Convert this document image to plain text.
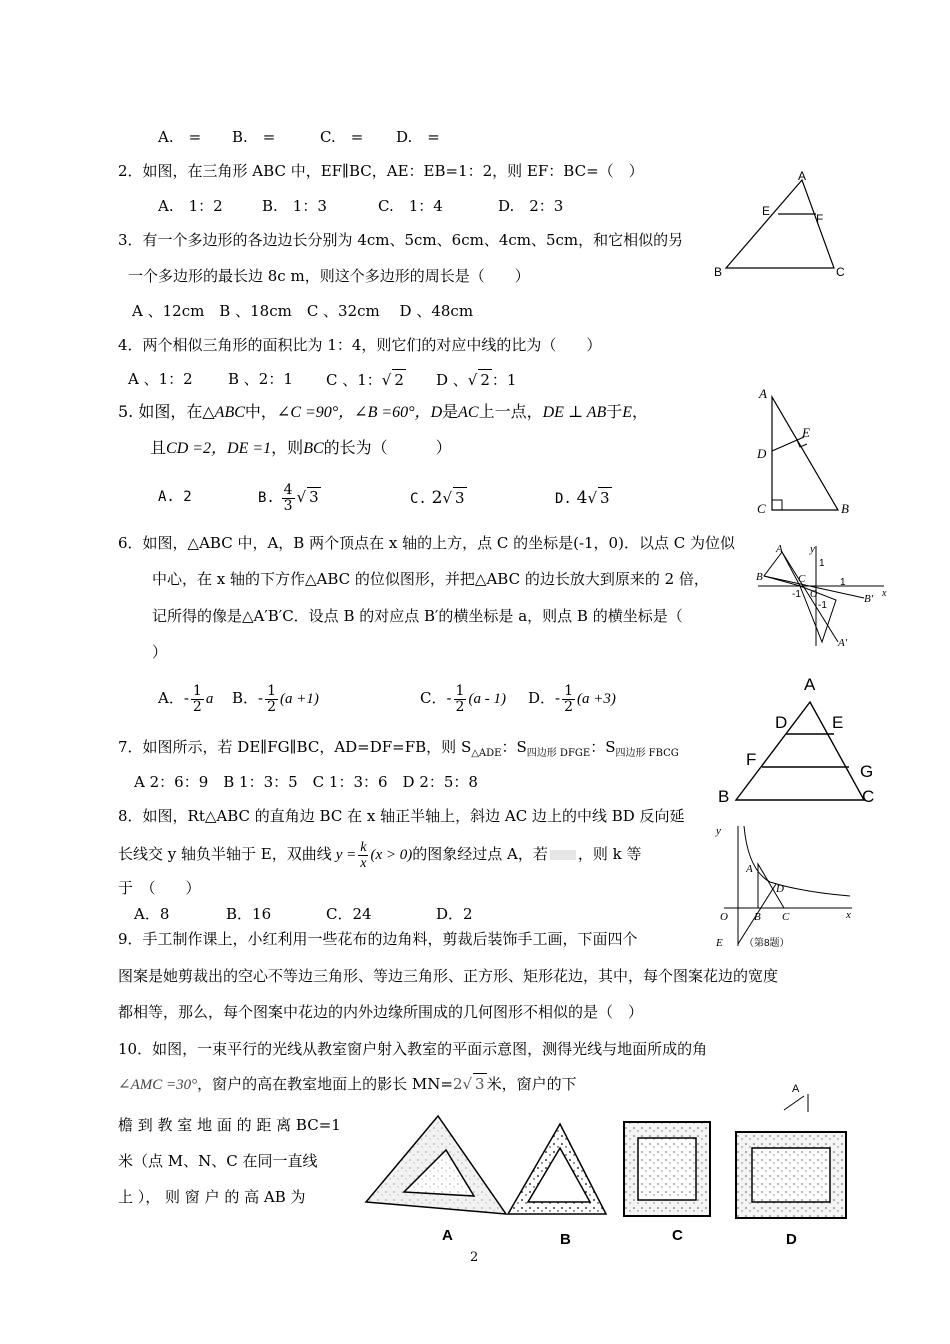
A.　= B.　=	C.　= D.　=
2．如图，在三角形 ABC 中，EF∥BC，AE：EB=1：2，则 EF：BC=（　）
A.　1：2	B.　1：3	C.　1：4	D.　2：3
A
E
F
B	C
3．有一个多边形的各边边长分别为 4cm、5cm、6cm、4cm、5cm，和它相似的另
一个多边形的最长边 8c m，则这个多边形的周长是（　　）
A 、12cm　B 、18cm　C 、32cm　 D 、48cm
4．两个相似三角形的面积比为 1：4，则它们的对应中线的比为（　　）
A 、1：2 B 、2：1 C 、1：√ 2 D 、√ 2 ：1
5. 如图，在△ABC中，∠C =90°，∠B =60°，D是AC上一点，DE ⊥ AB于E，
且CD =2，DE =1，则BC的长为（　　　）
A. 2	B. $\frac{4}{3}$ √ 3	C. 2√ 3	D. 4√ 3
A
D
E
C	B
6．如图，△ABC 中，A，B 两个顶点在 x 轴的上方，点 C 的坐标是(-1，0)．以点 C 为位似
中心，在 x 轴的下方作△ABC 的位似图形，并把△ABC 的边长放大到原来的 2 倍，
记所得的像是△A′B′C．设点 B 的对应点 B′的横坐标是 a，则点 B 的横坐标是（
）
A．- $\frac{1}{2}$ a B．- $\frac{1}{2} (a +1)$	C．- $\frac{1}{2} (a - 1)$ D．- $\frac{1}{2} (a +3)$
A
B	C
y
x
O
1
-1
1
-1
B′
A′
7．如图所示，若 DE∥FG∥BC，AD=DF=FB，则 $S_{\triangle ADE}$：$S_{四边形 DFGE}$：$S_{四边形 FBCG}$
A 2：6：9　B 1：3：5　C 1：3：6　D 2：5：8
A
D	E
F
G
B	C
8．如图，Rt△ABC 的直角边 BC 在 x 轴正半轴上，斜边 AC 边上的中线 BD 反向延
长线交 y 轴负半轴于 E，双曲线 $y = \frac{k}{x} (x > 0)$的图象经过点 A，若 ，则 k 等
于　（　　）
A．8	B．16	C．24	D．2
y
A
D
O B C	x
E （第8题）
9．手工制作课上，小红利用一些花布的边角料，剪裁后装饰手工画，下面四个
图案是她剪裁出的空心不等边三角形、等边三角形、正方形、矩形花边，其中，每个图案花边的宽度
都相等，那么，每个图案中花边的内外边缘所围成的几何图形不相似的是（　）
10．如图，一束平行的光线从教室窗户射入教室的平面示意图，测得光线与地面所成的角
∠AMC =30°，窗户的高在教室地面上的影长 MN=2√ 3 米，窗户的下
檐 到 教 室 地 面 的 距 离 BC=1
米（点 M、N、C 在同一直线
上 ）， 则 窗 户 的 高 AB 为
A
A	B	C	D
2
